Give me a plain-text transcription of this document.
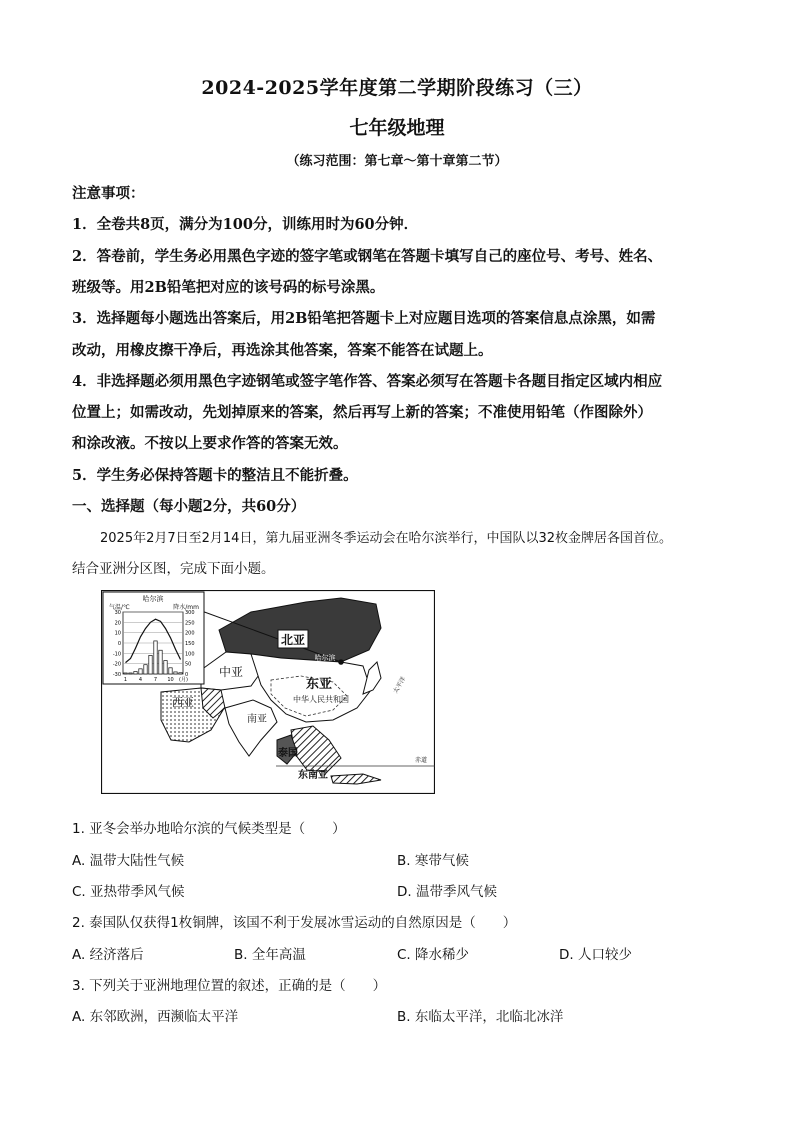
2024-2025学年度第二学期阶段练习（三）
七年级地理
（练习范围：第七章～第十章第二节）
注意事项：
1．全卷共8页，满分为100分，训练用时为60分钟．
2．答卷前，学生务必用黑色字迹的签字笔或钢笔在答题卡填写自己的座位号、考号、姓名、
班级等。用2B铅笔把对应的该号码的标号涂黑。
3．选择题每小题选出答案后，用2B铅笔把答题卡上对应题目选项的答案信息点涂黑，如需
改动，用橡皮擦干净后，再选涂其他答案，答案不能答在试题上。
4．非选择题必须用黑色字迹钢笔或签字笔作答、答案必须写在答题卡各题目指定区域内相应
位置上；如需改动，先划掉原来的答案，然后再写上新的答案；不准使用铅笔（作图除外）
和涂改液。不按以上要求作答的答案无效。
5．学生务必保持答题卡的整洁且不能折叠。
一、选择题（每小题2分，共60分）
2025年2月7日至2月14日，第九届亚洲冬季运动会在哈尔滨举行，中国队以32枚金牌居各国首位。
结合亚洲分区图，完成下面小题。
北亚
哈尔滨
中亚
东亚
中华人民共和国
西亚
南亚
泰国
东南亚
太平洋
赤道
哈尔滨
气温/℃	降水/mm
30	300
20	250
10	200
0	150
-10	100
-20	50
-30	0
1 4 7 10 (月)
1. 亚冬会举办地哈尔滨的气候类型是（　　）
A. 温带大陆性气候	B. 寒带气候
C. 亚热带季风气候	D. 温带季风气候
2. 泰国队仅获得1枚铜牌，该国不利于发展冰雪运动的自然原因是（　　）
A. 经济落后	B. 全年高温	C. 降水稀少	D. 人口较少
3. 下列关于亚洲地理位置的叙述，正确的是（　　）
A. 东邻欧洲，西濒临太平洋	B. 东临太平洋，北临北冰洋
